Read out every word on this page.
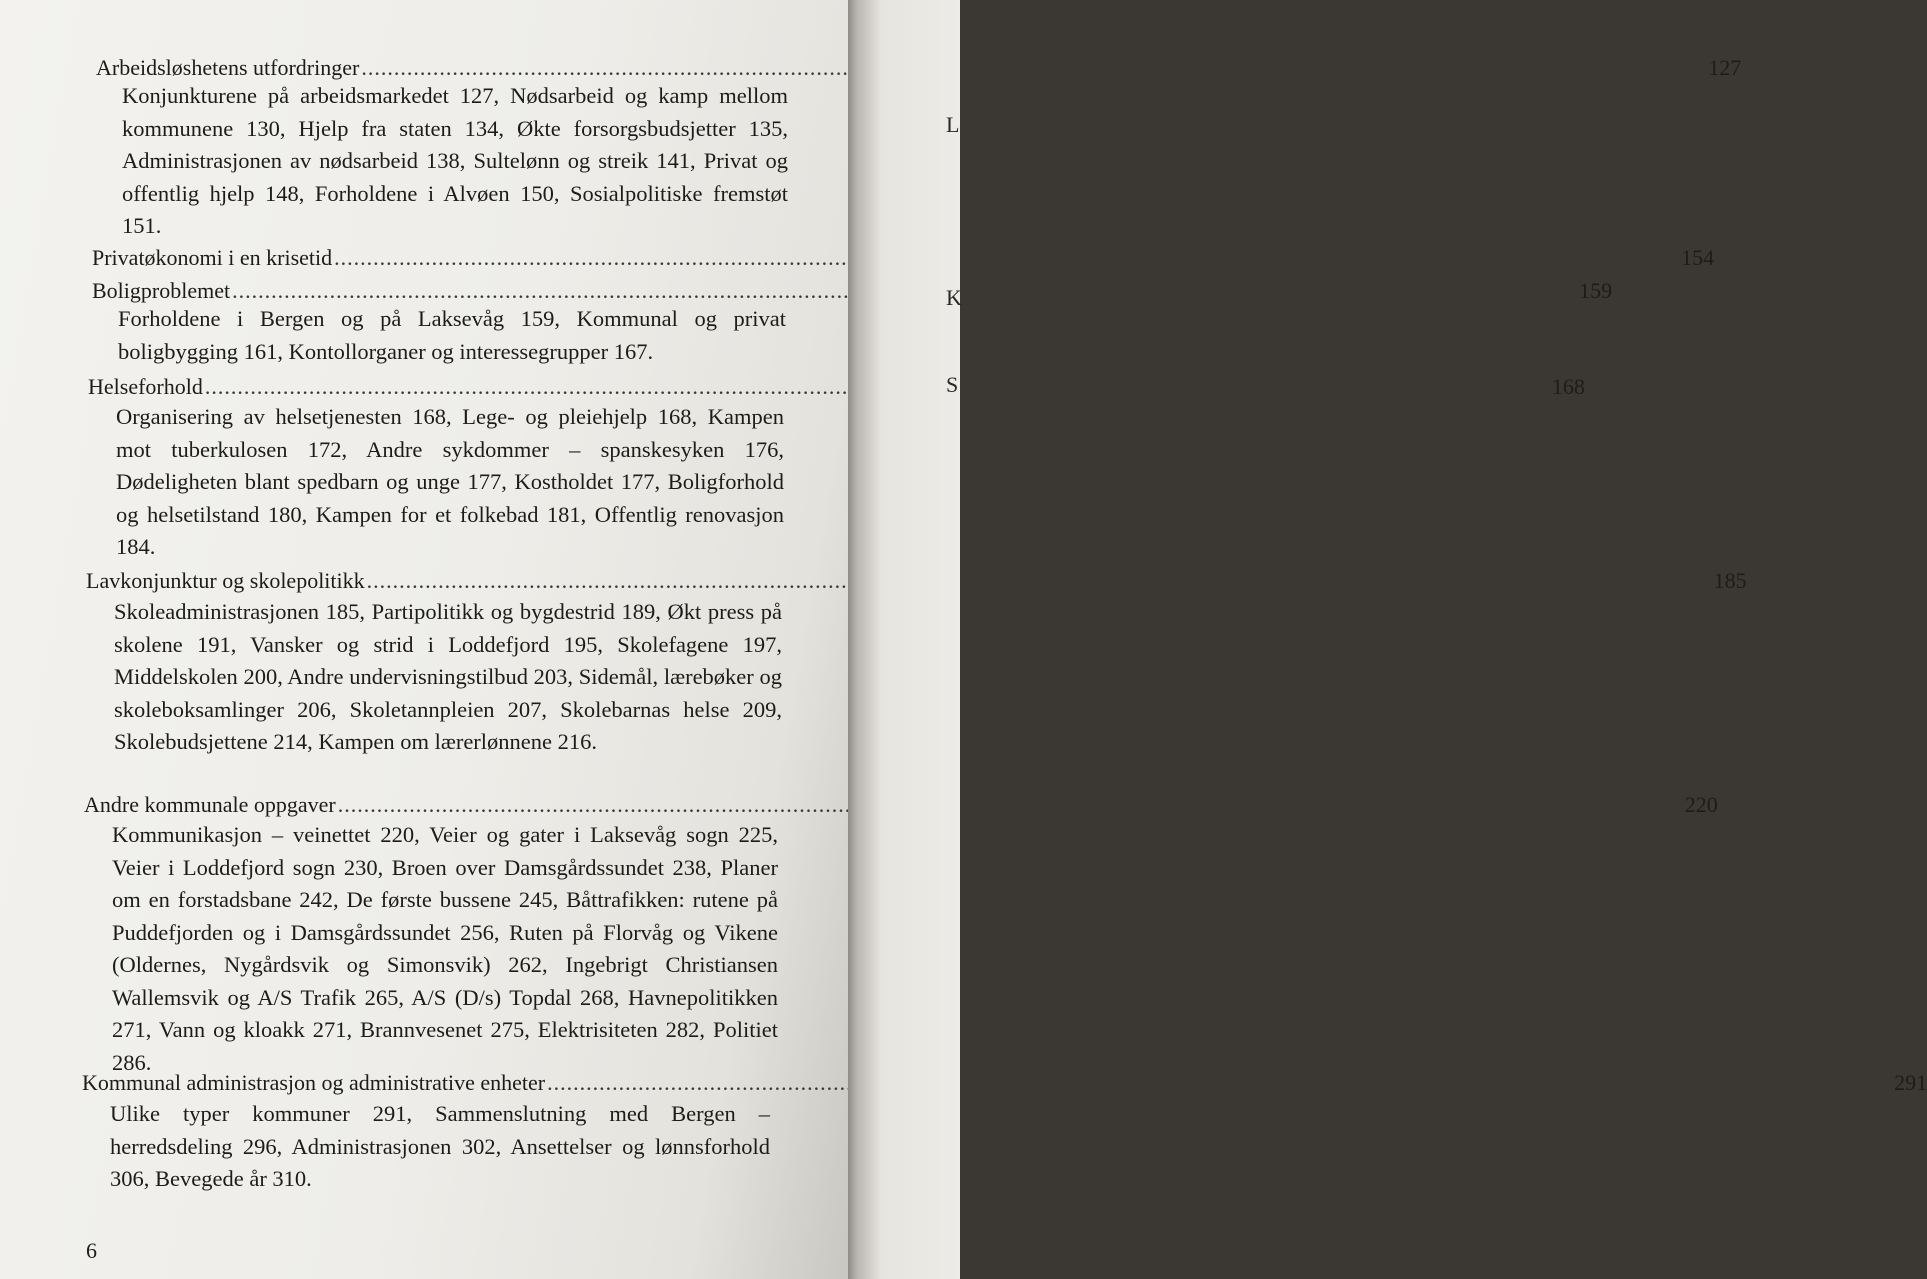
Arbeidsløshetens utfordringer .....	127
Konjunkturene på arbeidsmarkedet 127, Nødsarbeid og kamp mellom kommunene 130, Hjelp fra staten 134, Økte forsorgsbudsjetter 135, Administrasjonen av nødsarbeid 138, Sultelønn og streik 141, Privat og offentlig hjelp 148, Forholdene i Alvøen 150, Sosialpolitiske fremstøt 151.
Privatøkonomi i en krisetid .....	154
Boligproblemet .....	159
Forholdene i Bergen og på Laksevåg 159, Kommunal og privat boligbygging 161, Kontollorganer og interessegrupper 167.
Helseforhold .....	168
Organisering av helsetjenesten 168, Lege- og pleiehjelp 168, Kampen mot tuberkulosen 172, Andre sykdommer – spanskesyken 176, Dødeligheten blant spedbarn og unge 177, Kostholdet 177, Boligforhold og helsetilstand 180, Kampen for et folkebad 181, Offentlig renovasjon 184.
Lavkonjunktur og skolepolitikk .....	185
Skoleadministrasjonen 185, Partipolitikk og bygdestrid 189, Økt press på skolene 191, Vansker og strid i Loddefjord 195, Skolefagene 197, Middelskolen 200, Andre undervisningstilbud 203, Sidemål, lærebøker og skoleboksamlinger 206, Skoletannpleien 207, Skolebarnas helse 209, Skolebudsjettene 214, Kampen om lærerlønnene 216.
Andre kommunale oppgaver .....	220
Kommunikasjon – veinettet 220, Veier og gater i Laksevåg sogn 225, Veier i Loddefjord sogn 230, Broen over Damsgårdssundet 238, Planer om en forstadsbane 242, De første bussene 245, Båttrafikken: rutene på Puddefjorden og i Damsgårdssundet 256, Ruten på Florvåg og Vikene (Oldernes, Nygårdsvik og Simonsvik) 262, Ingebrigt Christiansen Wallemsvik og A/S Trafik 265, A/S (D/s) Topdal 268, Havnepolitikken 271, Vann og kloakk 271, Brannvesenet 275, Elektrisiteten 282, Politiet 286.
Kommunal administrasjon og administrative enheter .....	291
Ulike typer kommuner 291, Sammenslutning med Bergen – herredsdeling 296, Administrasjonen 302, Ansettelser og lønnsforhold 306, Bevegede år 310.
6
L
K
S
